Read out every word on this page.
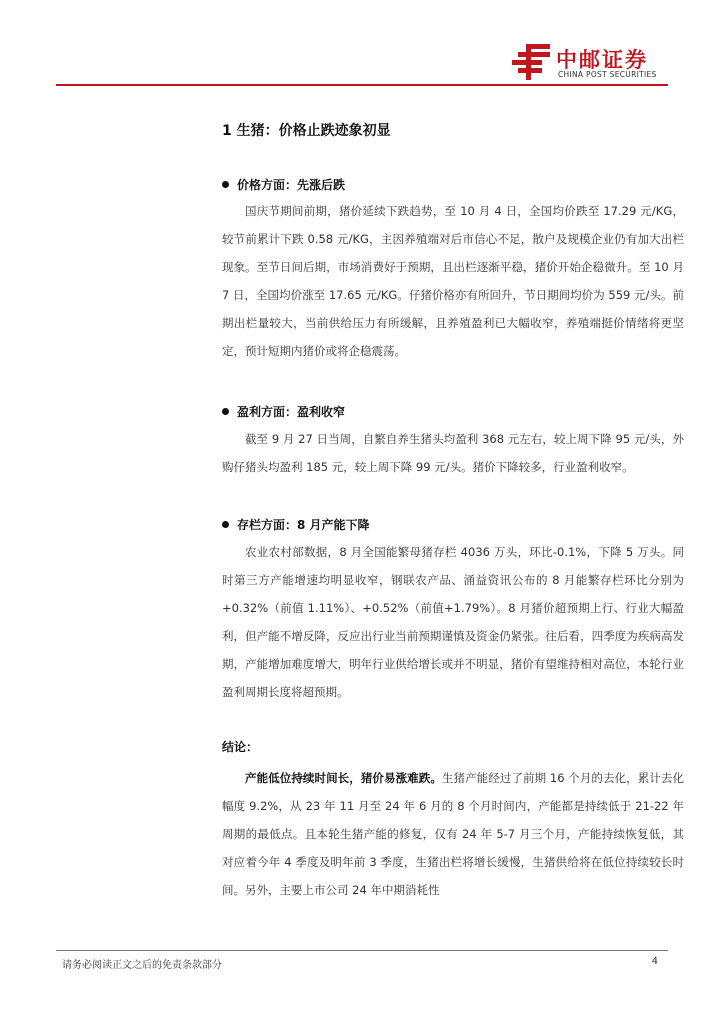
中邮证券
CHINA POST SECURITIES
1 生猪：价格止跌迹象初显
价格方面：先涨后跌
国庆节期间前期，猪价延续下跌趋势，至 10 月 4 日，全国均价跌至 17.29 元/KG，较节前累计下跌 0.58 元/KG，主因养殖端对后市信心不足，散户及规模企业仍有加大出栏现象。至节日间后期，市场消费好于预期，且出栏逐渐平稳，猪价开始企稳微升。至 10 月 7 日，全国均价涨至 17.65 元/KG。仔猪价格亦有所回升，节日期间均价为 559 元/头。前期出栏量较大，当前供给压力有所缓解，且养殖盈利已大幅收窄，养殖端挺价情绪将更坚定，预计短期内猪价或将企稳震荡。
盈利方面：盈利收窄
截至 9 月 27 日当周，自繁自养生猪头均盈利 368 元左右，较上周下降 95 元/头，外购仔猪头均盈利 185 元，较上周下降 99 元/头。猪价下降较多，行业盈利收窄。
存栏方面：8 月产能下降
农业农村部数据，8 月全国能繁母猪存栏 4036 万头，环比-0.1%，下降 5 万头。同时第三方产能增速均明显收窄，钢联农产品、涌益资讯公布的 8 月能繁存栏环比分别为+0.32%（前值 1.11%）、+0.52%（前值+1.79%）。8 月猪价超预期上行、行业大幅盈利，但产能不增反降，反应出行业当前预期谨慎及资金仍紧张。往后看，四季度为疾病高发期，产能增加难度增大，明年行业供给增长或并不明显，猪价有望维持相对高位，本轮行业盈利周期长度将超预期。
结论：
产能低位持续时间长，猪价易涨难跌。生猪产能经过了前期 16 个月的去化，累计去化幅度 9.2%，从 23 年 11 月至 24 年 6 月的 8 个月时间内，产能都是持续低于 21-22 年周期的最低点。且本轮生猪产能的修复，仅有 24 年 5-7 月三个月，产能持续恢复低，其对应着今年 4 季度及明年前 3 季度，生猪出栏将增长缓慢，生猪供给将在低位持续较长时间。另外，主要上市公司 24 年中期消耗性
请务必阅读正文之后的免责条款部分	4
